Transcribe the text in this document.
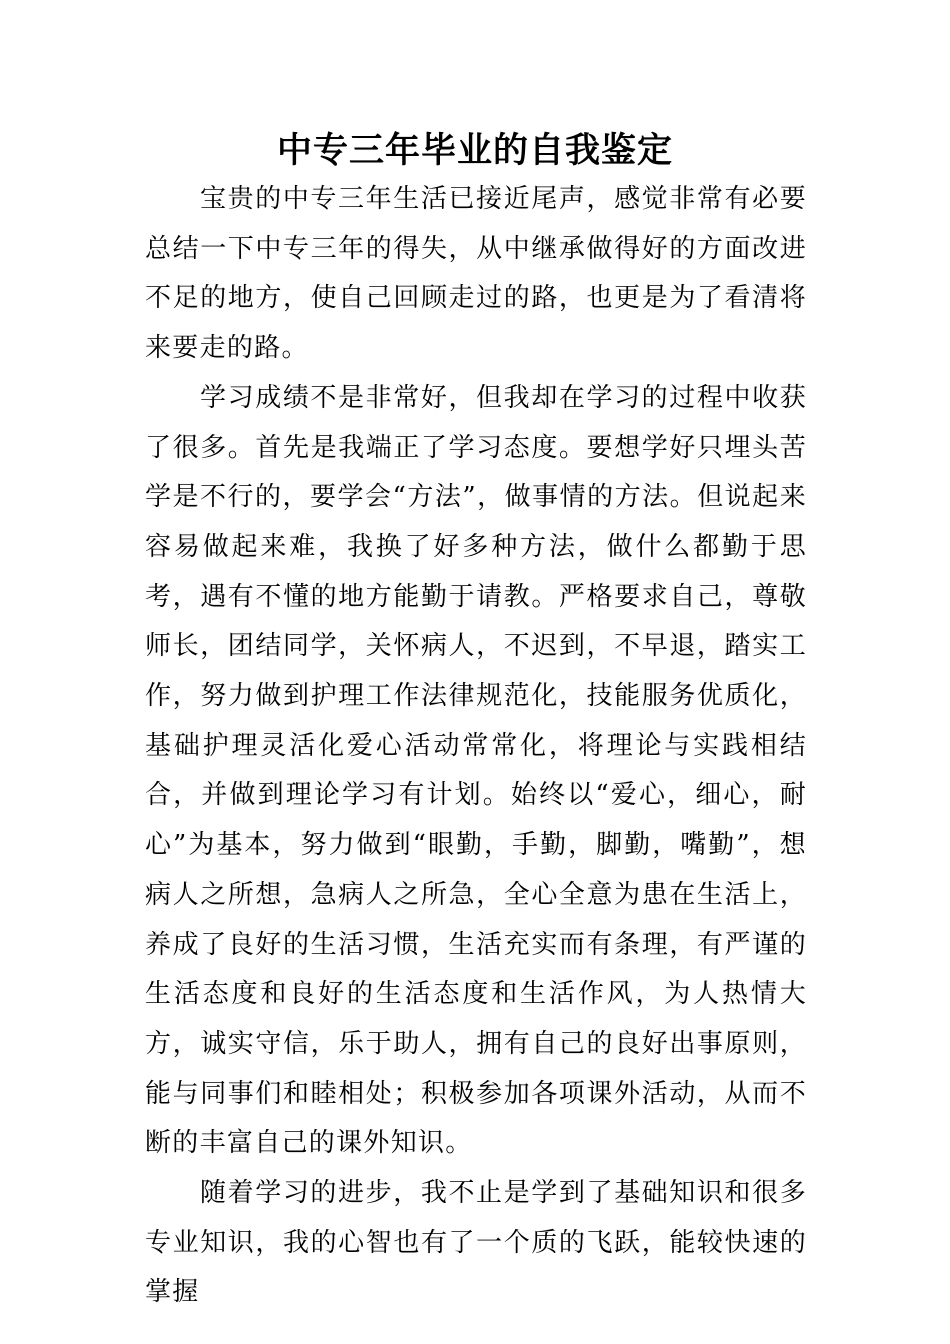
中专三年毕业的自我鉴定

宝贵的中专三年生活已接近尾声，感觉非常有必要总结一下中专三年的得失，从中继承做得好的方面改进不足的地方，使自己回顾走过的路，也更是为了看清将来要走的路。

学习成绩不是非常好，但我却在学习的过程中收获了很多。首先是我端正了学习态度。要想学好只埋头苦学是不行的，要学会“方法”，做事情的方法。但说起来容易做起来难，我换了好多种方法，做什么都勤于思考，遇有不懂的地方能勤于请教。严格要求自己，尊敬师长，团结同学，关怀病人，不迟到，不早退，踏实工作，努力做到护理工作法律规范化，技能服务优质化，基础护理灵活化爱心活动常常化，将理论与实践相结合，并做到理论学习有计划。始终以“爱心，细心，耐心”为基本，努力做到“眼勤，手勤，脚勤，嘴勤”，想病人之所想，急病人之所急，全心全意为患在生活上，养成了良好的生活习惯，生活充实而有条理，有严谨的生活态度和良好的生活态度和生活作风，为人热情大方，诚实守信，乐于助人，拥有自己的良好出事原则，能与同事们和睦相处；积极参加各项课外活动，从而不断的丰富自己的课外知识。

随着学习的进步，我不止是学到了基础知识和很多专业知识，我的心智也有了一个质的飞跃，能较快速的掌握
